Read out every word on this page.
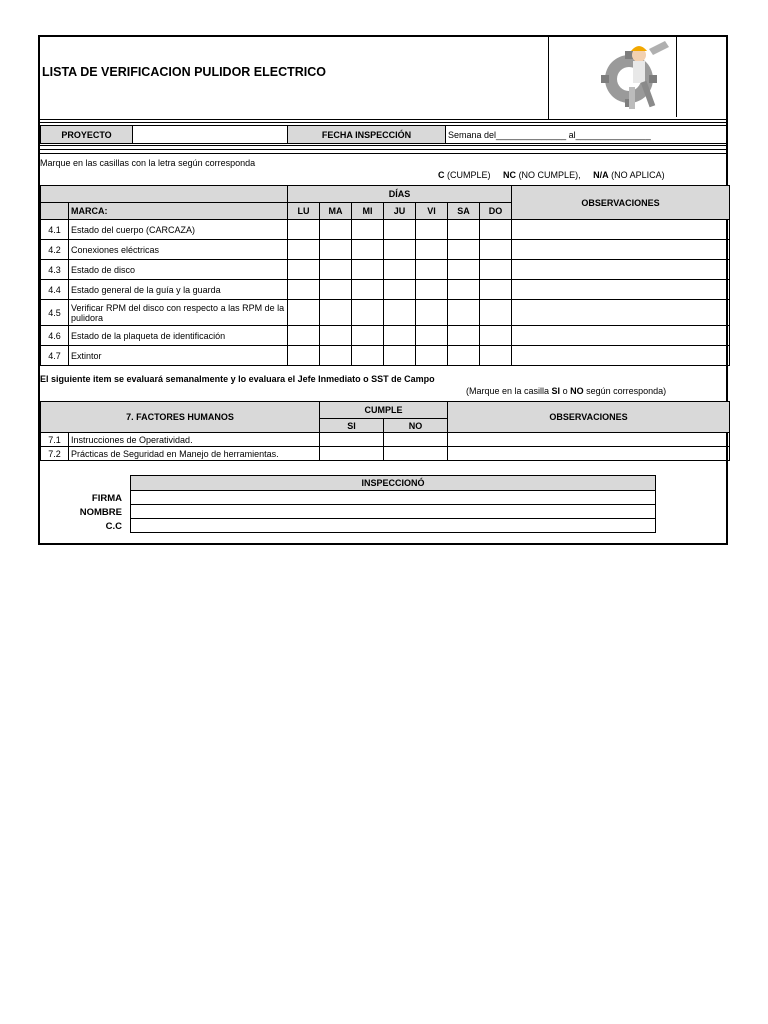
LISTA DE VERIFICACION PULIDOR ELECTRICO
PROYECTO		FECHA INSPECCIÓN	Semana del______________ al_______________
Marque en las casillas con la letra según corresponda
C (CUMPLE) NC (NO CUMPLE), N/A (NO APLICA)
		DÍAS							OBSERVACIONES
	MARCA:	LU	MA	MI	JU	VI	SA	DO	
4.1	Estado del cuerpo (CARCAZA)								
4.2	Conexiones eléctricas								
4.3	Estado de disco								
4.4	Estado general de la guía y la guarda								
4.5	Verificar RPM del disco con respecto a las RPM de la pulidora								
4.6	Estado de la plaqueta de identificación								
4.7	Extintor								
El siguiente item se evaluará semanalmente y lo evaluara el Jefe Inmediato o SST de Campo
(Marque en la casilla SI o NO según corresponda)
7. FACTORES HUMANOS		CUMPLE		OBSERVACIONES
		SI	NO	
7.1	Instrucciones de Operatividad.			
7.2	Prácticas de Seguridad en Manejo de herramientas.			
INSPECCIONÓ

FIRMA
NOMBRE
C.C
